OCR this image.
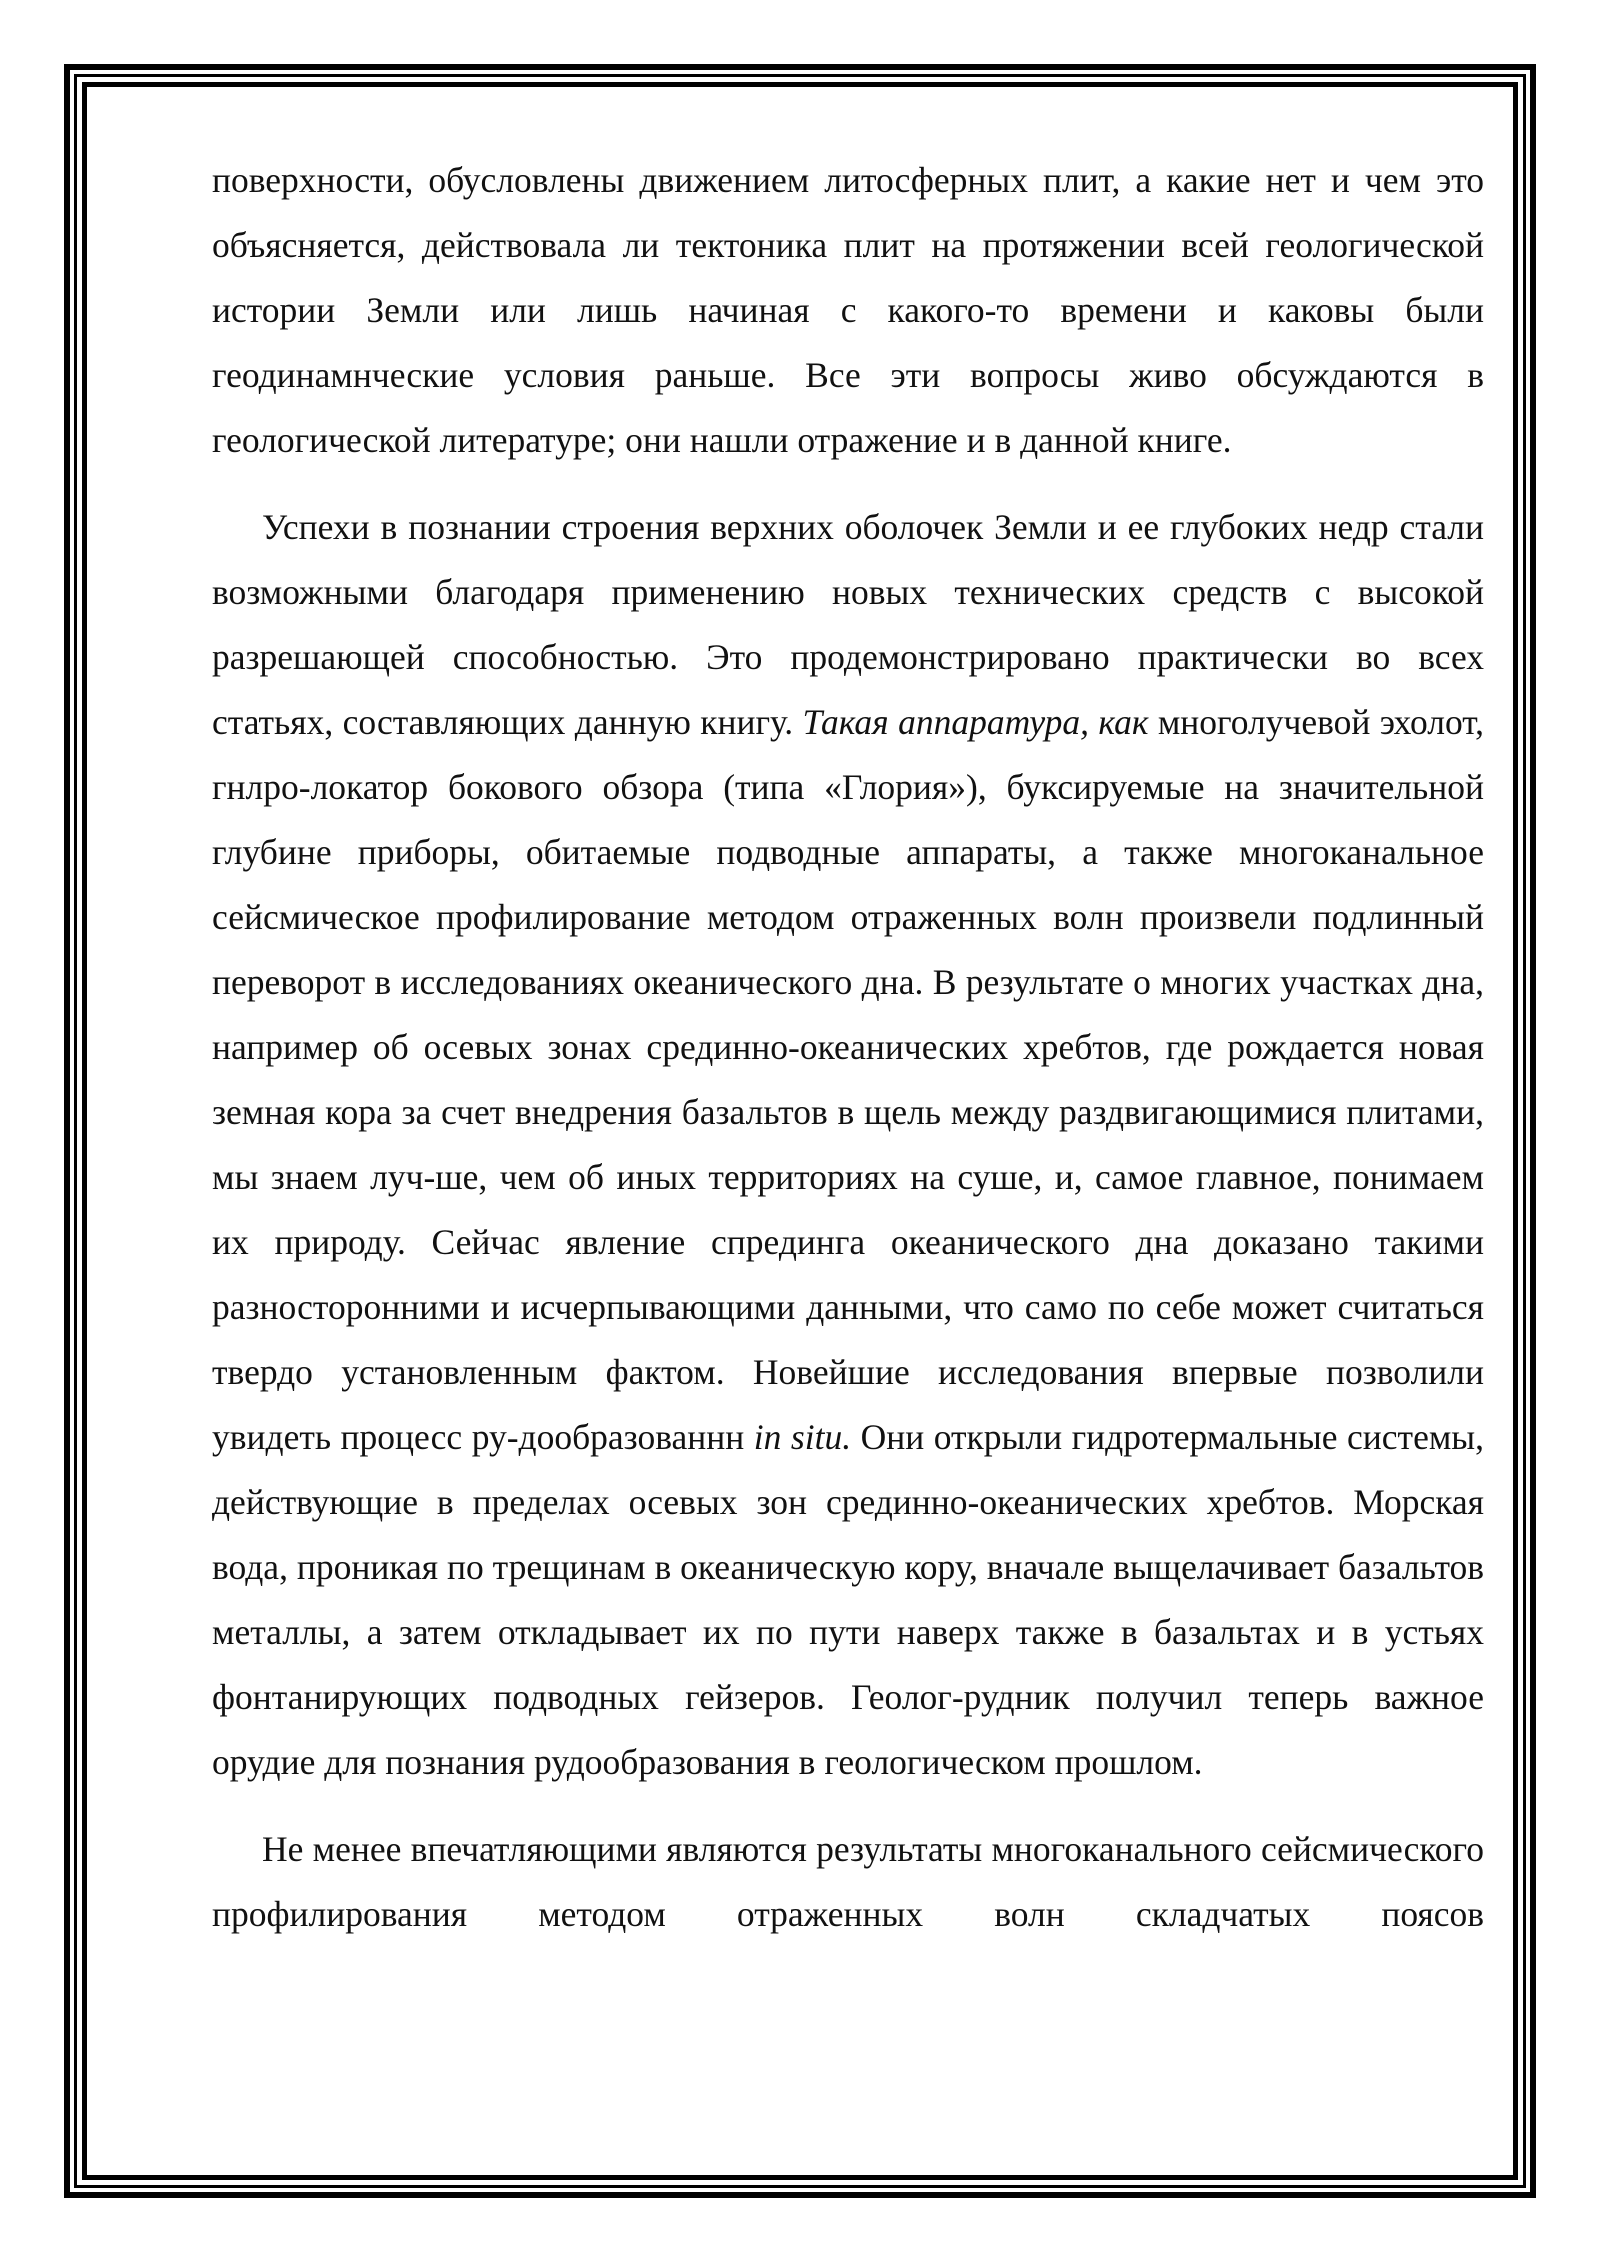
поверхности, обусловлены движением литосферных плит, а какие нет и чем это объясняется, действовала ли тектоника плит на протяжении всей геологической истории Земли или лишь начиная с какого-то времени и каковы были геодинамнческие условия раньше. Все эти вопросы живо обсуждаются в геологической литературе; они нашли отражение и в данной книге.

Успехи в познании строения верхних оболочек Земли и ее глубоких недр стали возможными благодаря применению новых технических средств с высокой разрешающей способностью. Это продемонстрировано практически во всех статьях, составляющих данную книгу. Такая аппаратура, как многолучевой эхолот, гнлро-локатор бокового обзора (типа «Глория»), буксируемые на значительной глубине приборы, обитаемые подводные аппараты, а также многоканальное сейсмическое профилирование методом отраженных волн произвели подлинный переворот в исследованиях океанического дна. В результате о многих участках дна, например об осевых зонах срединно-океанических хребтов, где рождается новая земная кора за счет внедрения базальтов в щель между раздвигающимися плитами, мы знаем луч-ше, чем об иных территориях на суше, и, самое главное, понимаем их природу. Сейчас явление спрединга океанического дна доказано такими разносторонними и исчерпывающими данными, что само по себе может считаться твердо установленным фактом. Новейшие исследования впервые позволили увидеть процесс ру-дообразованнн in situ. Они открыли гидротермальные системы, действующие в пределах осевых зон срединно-океанических хребтов. Морская вода, проникая по трещинам в океаническую кору, вначале выщелачивает базальтов металлы, а затем откладывает их по пути наверх также в базальтах и в устьях фонтанирующих подводных гейзеров. Геолог-рудник получил теперь важное орудие для познания рудообразования в геологическом прошлом.

Не менее впечатляющими являются результаты многоканального сейсмического профилирования методом отраженных волн складчатых поясов
